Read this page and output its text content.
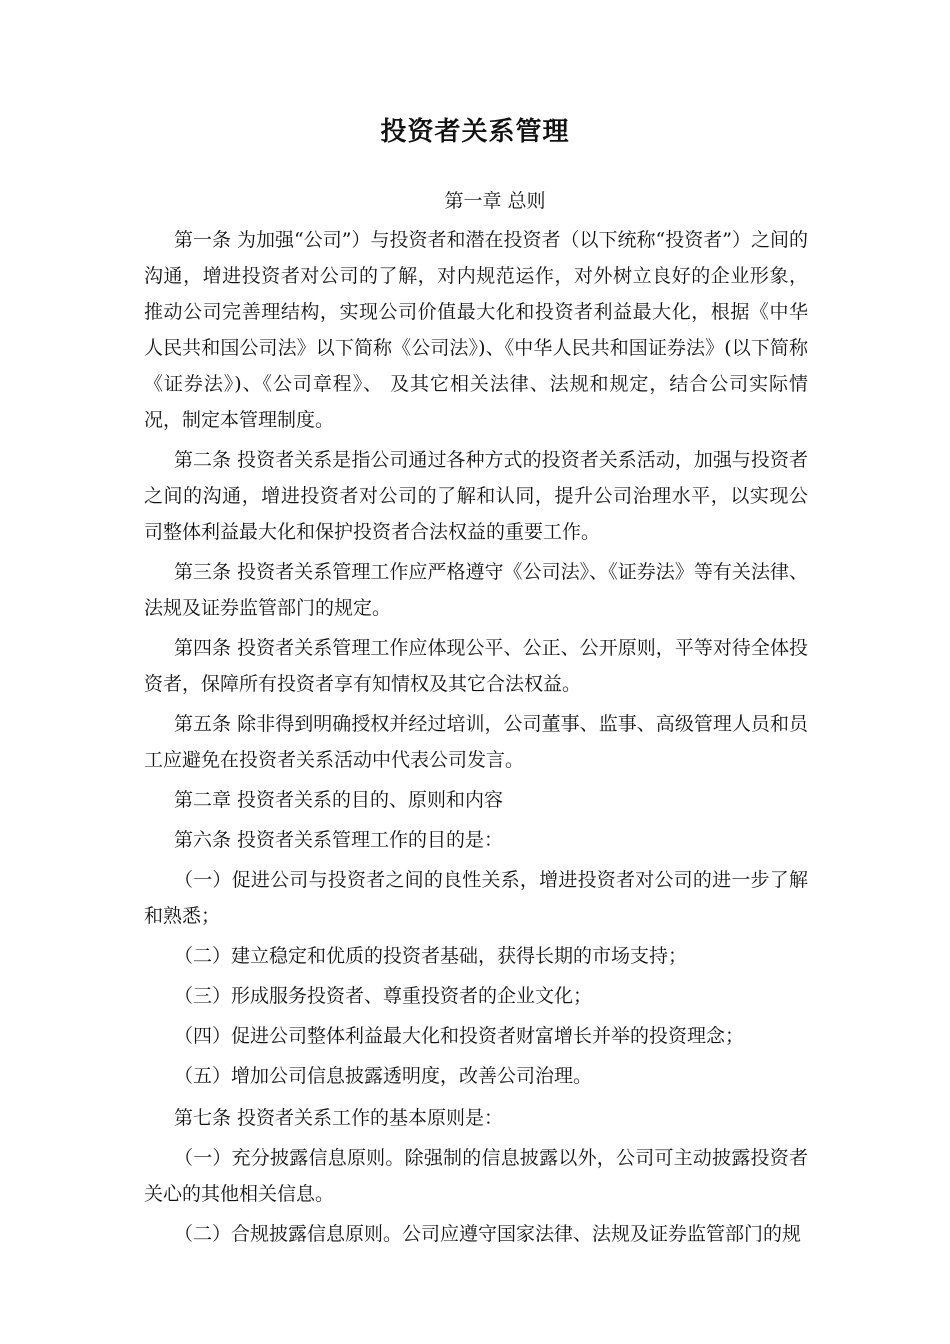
投资者关系管理

第一章 总则

第一条 为加强“公司”）与投资者和潜在投资者（以下统称“投资者”）之间的沟通，增进投资者对公司的了解，对内规范运作，对外树立良好的企业形象，推动公司完善理结构，实现公司价值最大化和投资者利益最大化，根据《中华人民共和国公司法》以下简称《公司法》)、《中华人民共和国证券法》(以下简称《证券法》)、《公司章程》、 及其它相关法律、法规和规定，结合公司实际情况，制定本管理制度。

第二条 投资者关系是指公司通过各种方式的投资者关系活动，加强与投资者之间的沟通，增进投资者对公司的了解和认同，提升公司治理水平，以实现公司整体利益最大化和保护投资者合法权益的重要工作。

第三条 投资者关系管理工作应严格遵守《公司法》、《证券法》等有关法律、法规及证券监管部门的规定。

第四条 投资者关系管理工作应体现公平、公正、公开原则，平等对待全体投资者，保障所有投资者享有知情权及其它合法权益。

第五条 除非得到明确授权并经过培训，公司董事、监事、高级管理人员和员工应避免在投资者关系活动中代表公司发言。

第二章 投资者关系的目的、原则和内容

第六条 投资者关系管理工作的目的是：

（一）促进公司与投资者之间的良性关系，增进投资者对公司的进一步了解和熟悉；

（二）建立稳定和优质的投资者基础，获得长期的市场支持；

（三）形成服务投资者、尊重投资者的企业文化；

（四）促进公司整体利益最大化和投资者财富增长并举的投资理念；

（五）增加公司信息披露透明度，改善公司治理。

第七条 投资者关系工作的基本原则是：

（一）充分披露信息原则。除强制的信息披露以外，公司可主动披露投资者关心的其他相关信息。

（二）合规披露信息原则。公司应遵守国家法律、法规及证券监管部门的规
